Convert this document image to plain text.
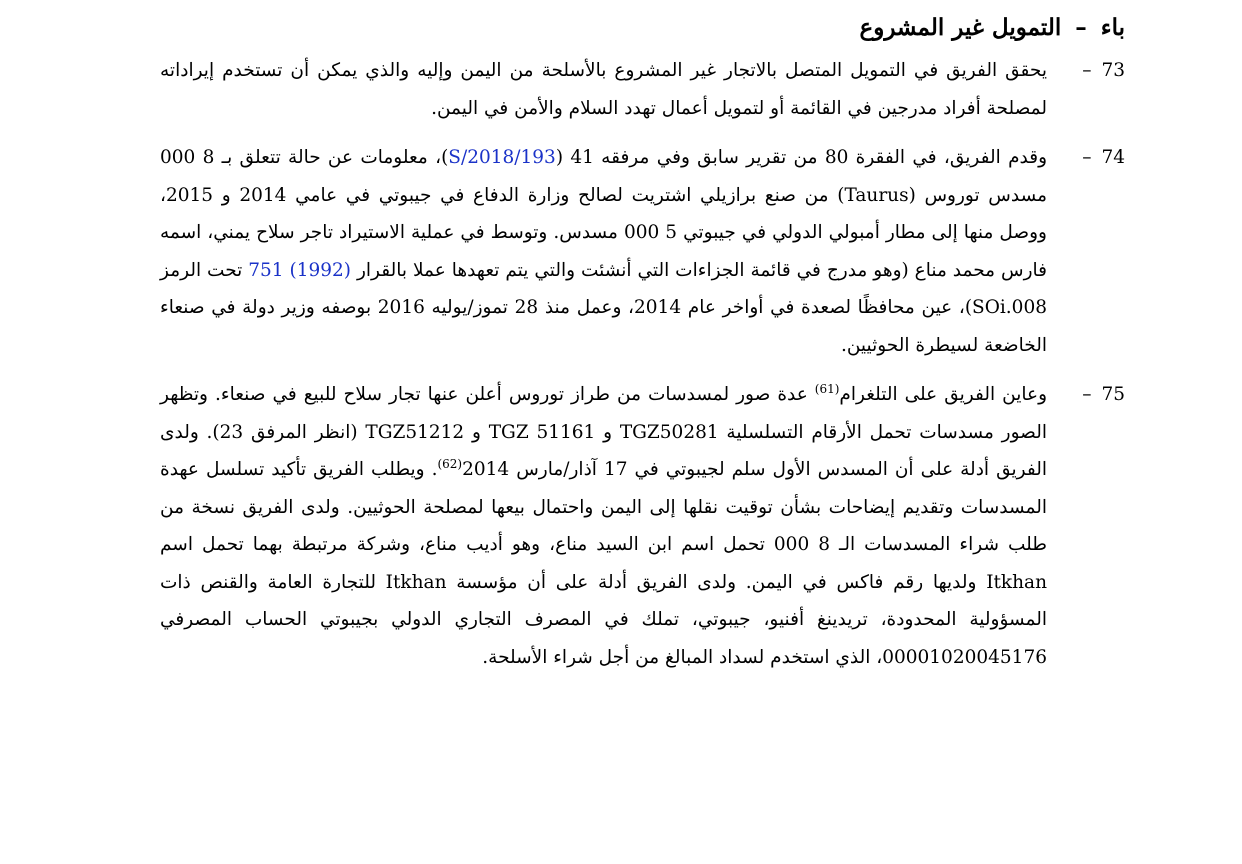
باء
–
التمويل غير المشروع
73–
يحقق الفريق في التمويل المتصل بالاتجار غير المشروع بالأسلحة من اليمن وإليه والذي يمكن أن تستخدم إيراداته لمصلحة أفراد مدرجين في القائمة أو لتمويل أعمال تهدد السلام والأمن في اليمن.
74–
وقدم الفريق، في الفقرة 80 من تقرير سابق وفي مرفقه 41 (S/2018/193)، معلومات عن حالة تتعلق بـ 8 000 مسدس توروس (Taurus) من صنع برازيلي اشتريت لصالح وزارة الدفاع في جيبوتي في عامي 2014 و 2015، ووصل منها إلى مطار أمبولي الدولي في جيبوتي 5 000 مسدس. وتوسط في عملية الاستيراد تاجر سلاح يمني، اسمه فارس محمد مناع (وهو مدرج في قائمة الجزاءات التي أنشئت والتي يتم تعهدها عملا بالقرار 751 (1992) تحت الرمز SOi.008)، عين محافظًا لصعدة في أواخر عام 2014، وعمل منذ 28 تموز/يوليه 2016 بوصفه وزير دولة في صنعاء الخاضعة لسيطرة الحوثيين.
75–
وعاين الفريق على التلغرام$^{(61)}$ عدة صور لمسدسات من طراز توروس أعلن عنها تجار سلاح للبيع في صنعاء. وتظهر الصور مسدسات تحمل الأرقام التسلسلية TGZ50281 و TGZ 51161 و TGZ51212 (انظر المرفق 23). ولدى الفريق أدلة على أن المسدس الأول سلم لجيبوتي في 17 آذار/مارس 2014$^{(62)}$. ويطلب الفريق تأكيد تسلسل عهدة المسدسات وتقديم إيضاحات بشأن توقيت نقلها إلى اليمن واحتمال بيعها لمصلحة الحوثيين. ولدى الفريق نسخة من طلب شراء المسدسات الـ 8 000 تحمل اسم ابن السيد مناع، وهو أديب مناع، وشركة مرتبطة بهما تحمل اسم Itkhan ولديها رقم فاكس في اليمن. ولدى الفريق أدلة على أن مؤسسة Itkhan للتجارة العامة والقنص ذات المسؤولية المحدودة، تريدينغ أفنيو، جيبوتي، تملك في المصرف التجاري الدولي بجيبوتي الحساب المصرفي 00001020045176، الذي استخدم لسداد المبالغ من أجل شراء الأسلحة.
